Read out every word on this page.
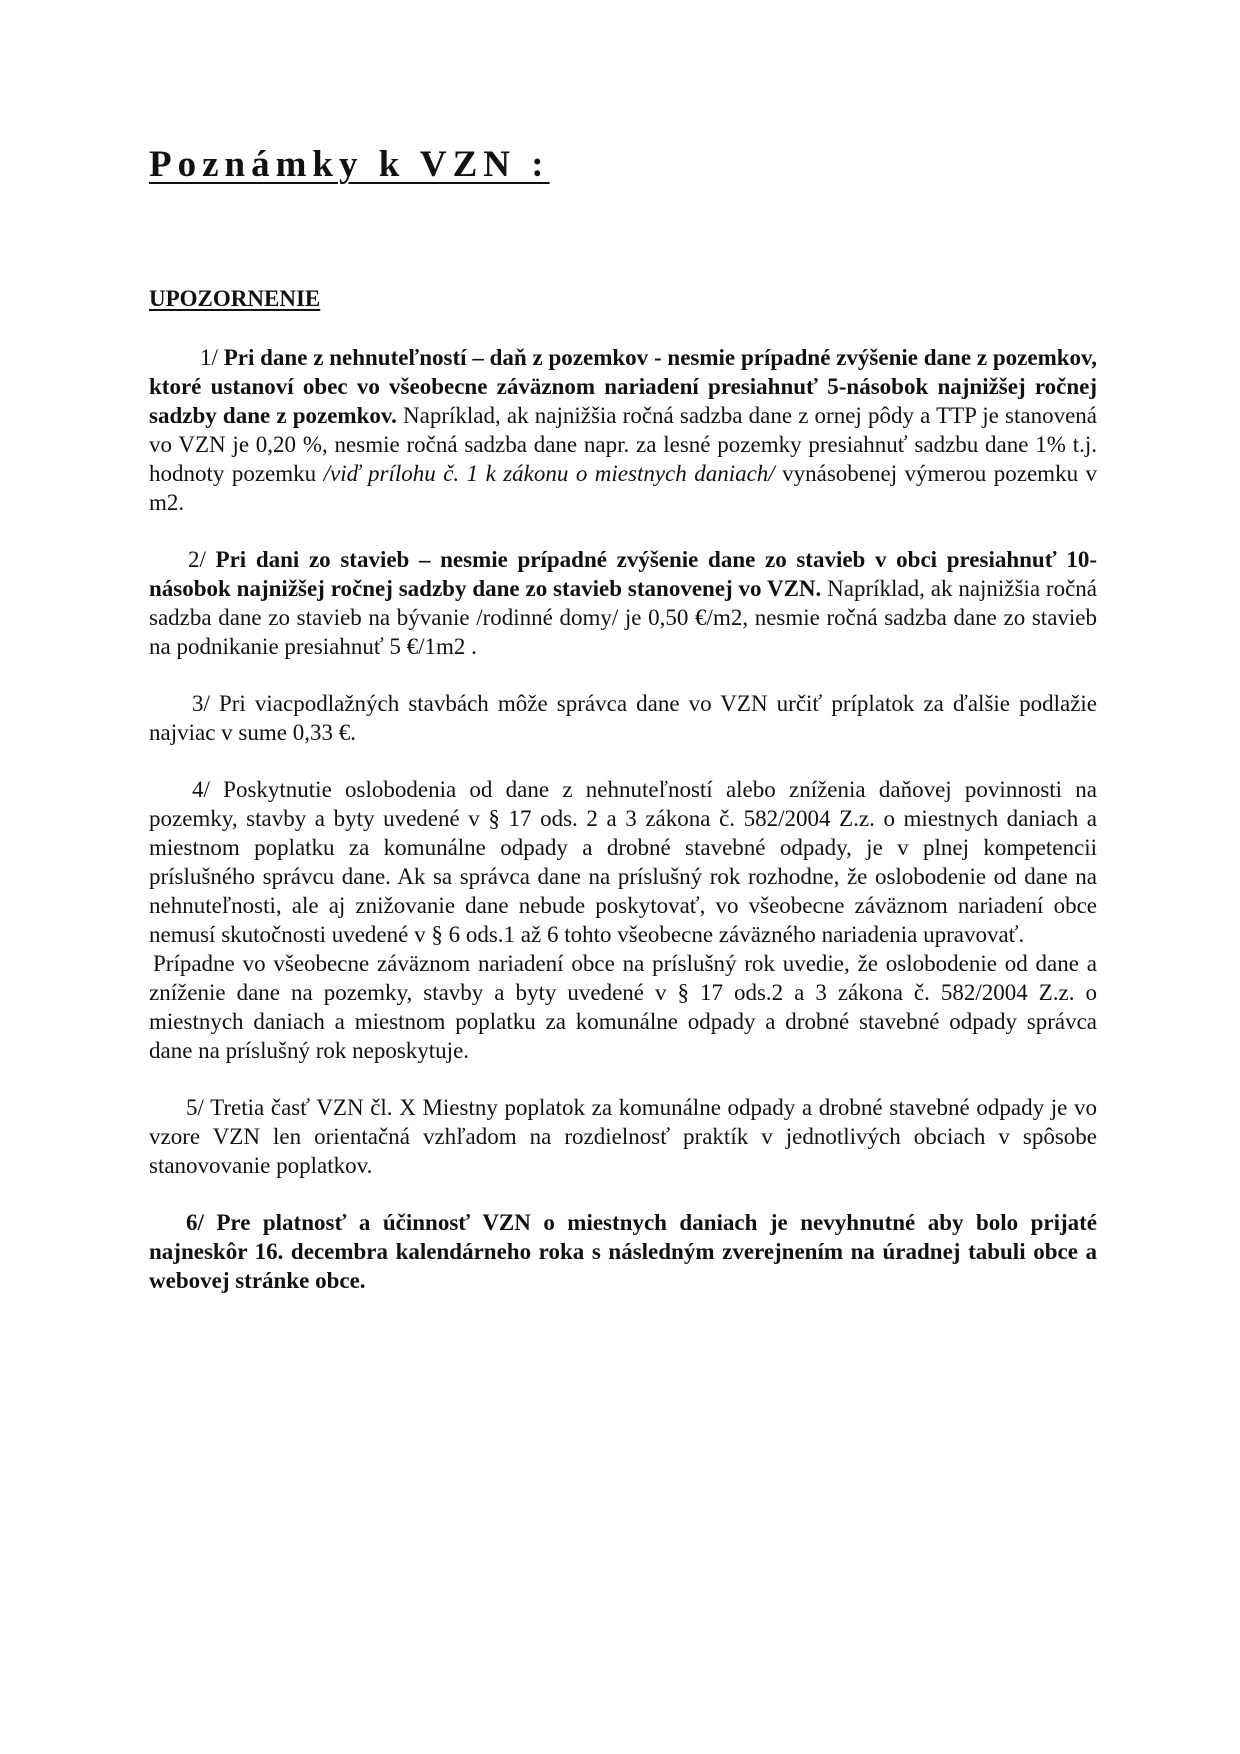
Poznámky k VZN :
UPOZORNENIE

1/ Pri dane z nehnuteľností – daň z pozemkov - nesmie prípadné zvýšenie dane z pozemkov, ktoré ustanoví obec vo všeobecne záväznom nariadení presiahnuť 5-násobok najnižšej ročnej sadzby dane z pozemkov. Napríklad, ak najnižšia ročná sadzba dane z ornej pôdy a TTP je stanovená vo VZN je 0,20 %, nesmie ročná sadzba dane napr. za lesné pozemky presiahnuť sadzbu dane 1% t.j. hodnoty pozemku /viď prílohu č. 1 k zákonu o miestnych daniach/ vynásobenej výmerou pozemku v m2.

2/ Pri dani zo stavieb – nesmie prípadné zvýšenie dane zo stavieb v obci presiahnuť 10-násobok najnižšej ročnej sadzby dane zo stavieb stanovenej vo VZN. Napríklad, ak najnižšia ročná sadzba dane zo stavieb na bývanie /rodinné domy/ je 0,50 €/m2, nesmie ročná sadzba dane zo stavieb na podnikanie presiahnuť 5 €/1m2 .

3/ Pri viacpodlažných stavbách môže správca dane vo VZN určiť príplatok za ďalšie podlažie najviac v sume 0,33 €.

4/ Poskytnutie oslobodenia od dane z nehnuteľností alebo zníženia daňovej povinnosti na pozemky, stavby a byty uvedené v § 17 ods. 2 a 3 zákona č. 582/2004 Z.z. o miestnych daniach a miestnom poplatku za komunálne odpady a drobné stavebné odpady, je v plnej kompetencii príslušného správcu dane. Ak sa správca dane na príslušný rok rozhodne, že oslobodenie od dane na nehnuteľnosti, ale aj znižovanie dane nebude poskytovať, vo všeobecne záväznom nariadení obce nemusí skutočnosti uvedené v § 6 ods.1 až 6 tohto všeobecne záväzného nariadenia upravovať.

Prípadne vo všeobecne záväznom nariadení obce na príslušný rok uvedie, že oslobodenie od dane a zníženie dane na pozemky, stavby a byty uvedené v § 17 ods.2 a 3 zákona č. 582/2004 Z.z. o miestnych daniach a miestnom poplatku za komunálne odpady a drobné stavebné odpady správca dane na príslušný rok neposkytuje.

5/ Tretia časť VZN čl. X Miestny poplatok za komunálne odpady a drobné stavebné odpady je vo vzore VZN len orientačná vzhľadom na rozdielnosť praktík v jednotlivých obciach v spôsobe stanovovanie poplatkov.

6/ Pre platnosť a účinnosť VZN o miestnych daniach je nevyhnutné aby bolo prijaté najneskôr 16. decembra kalendárneho roka s následným zverejnením na úradnej tabuli obce a webovej stránke obce.
